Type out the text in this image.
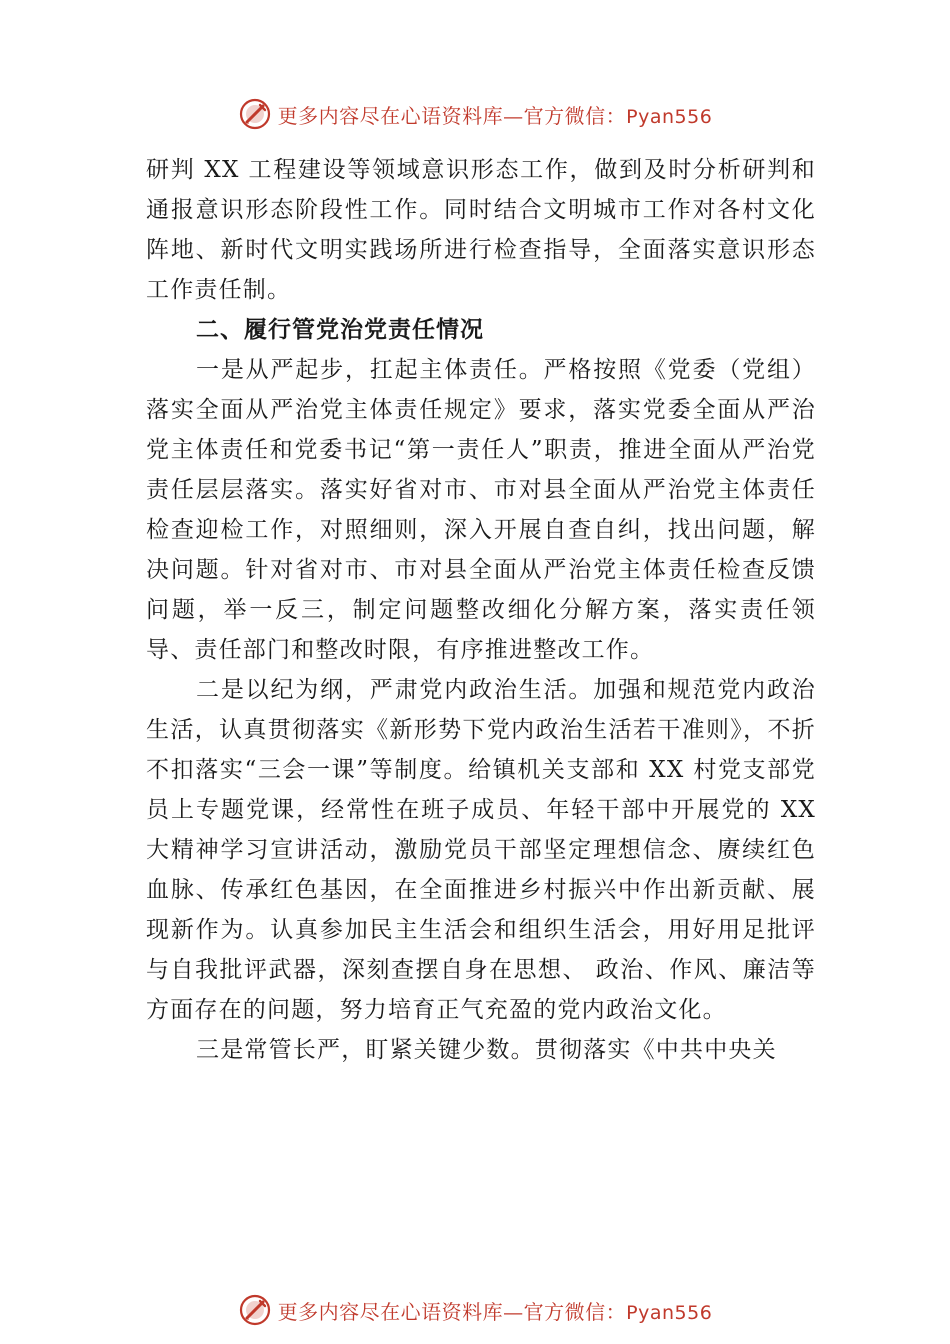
更多内容尽在心语资料库—官方微信：Pyan556

研判 XX 工程建设等领域意识形态工作，做到及时分析研判和通报意识形态阶段性工作。同时结合文明城市工作对各村文化阵地、新时代文明实践场所进行检查指导，全面落实意识形态工作责任制。

二、履行管党治党责任情况

一是从严起步，扛起主体责任。严格按照《党委（党组）落实全面从严治党主体责任规定》要求，落实党委全面从严治党主体责任和党委书记“第一责任人”职责，推进全面从严治党责任层层落实。落实好省对市、市对县全面从严治党主体责任检查迎检工作，对照细则，深入开展自查自纠，找出问题，解决问题。针对省对市、市对县全面从严治党主体责任检查反馈问题，举一反三，制定问题整改细化分解方案，落实责任领导、责任部门和整改时限，有序推进整改工作。

二是以纪为纲，严肃党内政治生活。加强和规范党内政治生活，认真贯彻落实《新形势下党内政治生活若干准则》，不折不扣落实“三会一课”等制度。给镇机关支部和 XX 村党支部党员上专题党课，经常性在班子成员、年轻干部中开展党的 XX 大精神学习宣讲活动，激励党员干部坚定理想信念、赓续红色血脉、传承红色基因，在全面推进乡村振兴中作出新贡献、展现新作为。认真参加民主生活会和组织生活会，用好用足批评与自我批评武器，深刻查摆自身在思想、 政治、作风、廉洁等方面存在的问题，努力培育正气充盈的党内政治文化。

三是常管长严，盯紧关键少数。贯彻落实《中共中央关

更多内容尽在心语资料库—官方微信：Pyan556
